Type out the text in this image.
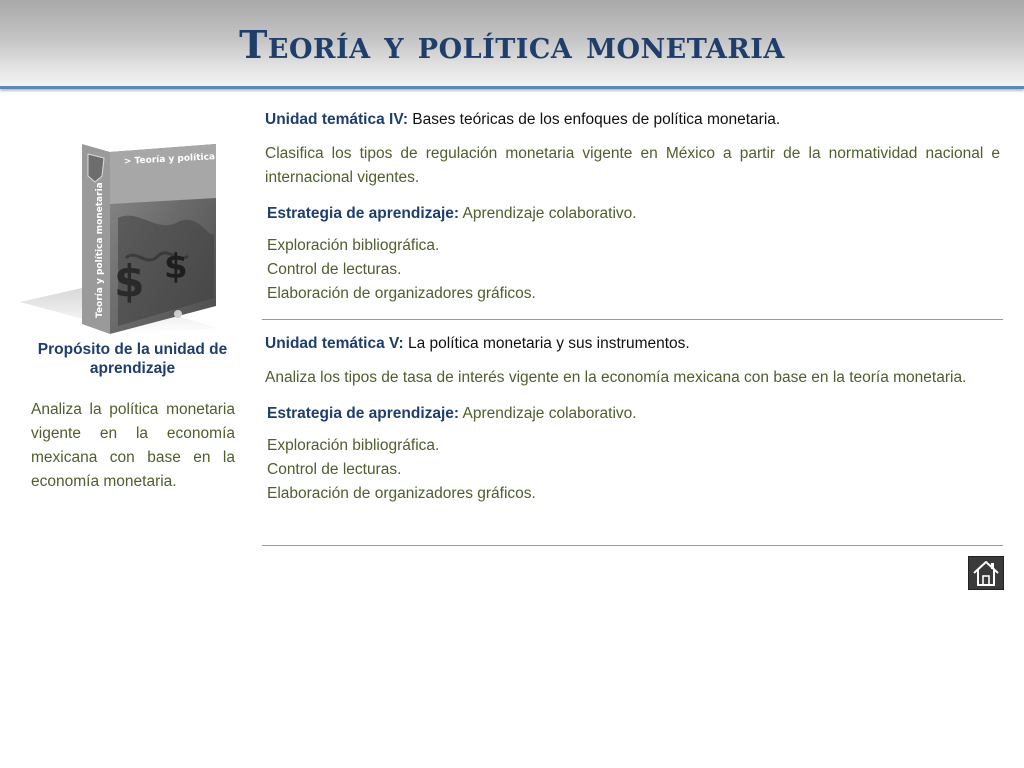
Teoría y política monetaria
$ $
> Teoría y política monetaria
Teoría y política monetaria
Propósito de la unidad de aprendizaje
Analiza la política monetaria vigente en la economía mexicana con base en la economía monetaria.
Unidad temática IV: Bases teóricas de los enfoques de política monetaria.
Clasifica los tipos de regulación monetaria vigente en México a partir de la normatividad nacional e internacional vigentes.
Estrategia de aprendizaje: Aprendizaje colaborativo.
Exploración bibliográfica.
Control de lecturas.
Elaboración de organizadores gráficos.
Unidad temática V: La política monetaria y sus instrumentos.
Analiza los tipos de tasa de interés vigente en la economía mexicana con base en la teoría monetaria.
Estrategia de aprendizaje: Aprendizaje colaborativo.
Exploración bibliográfica.
Control de lecturas.
Elaboración de organizadores gráficos.
